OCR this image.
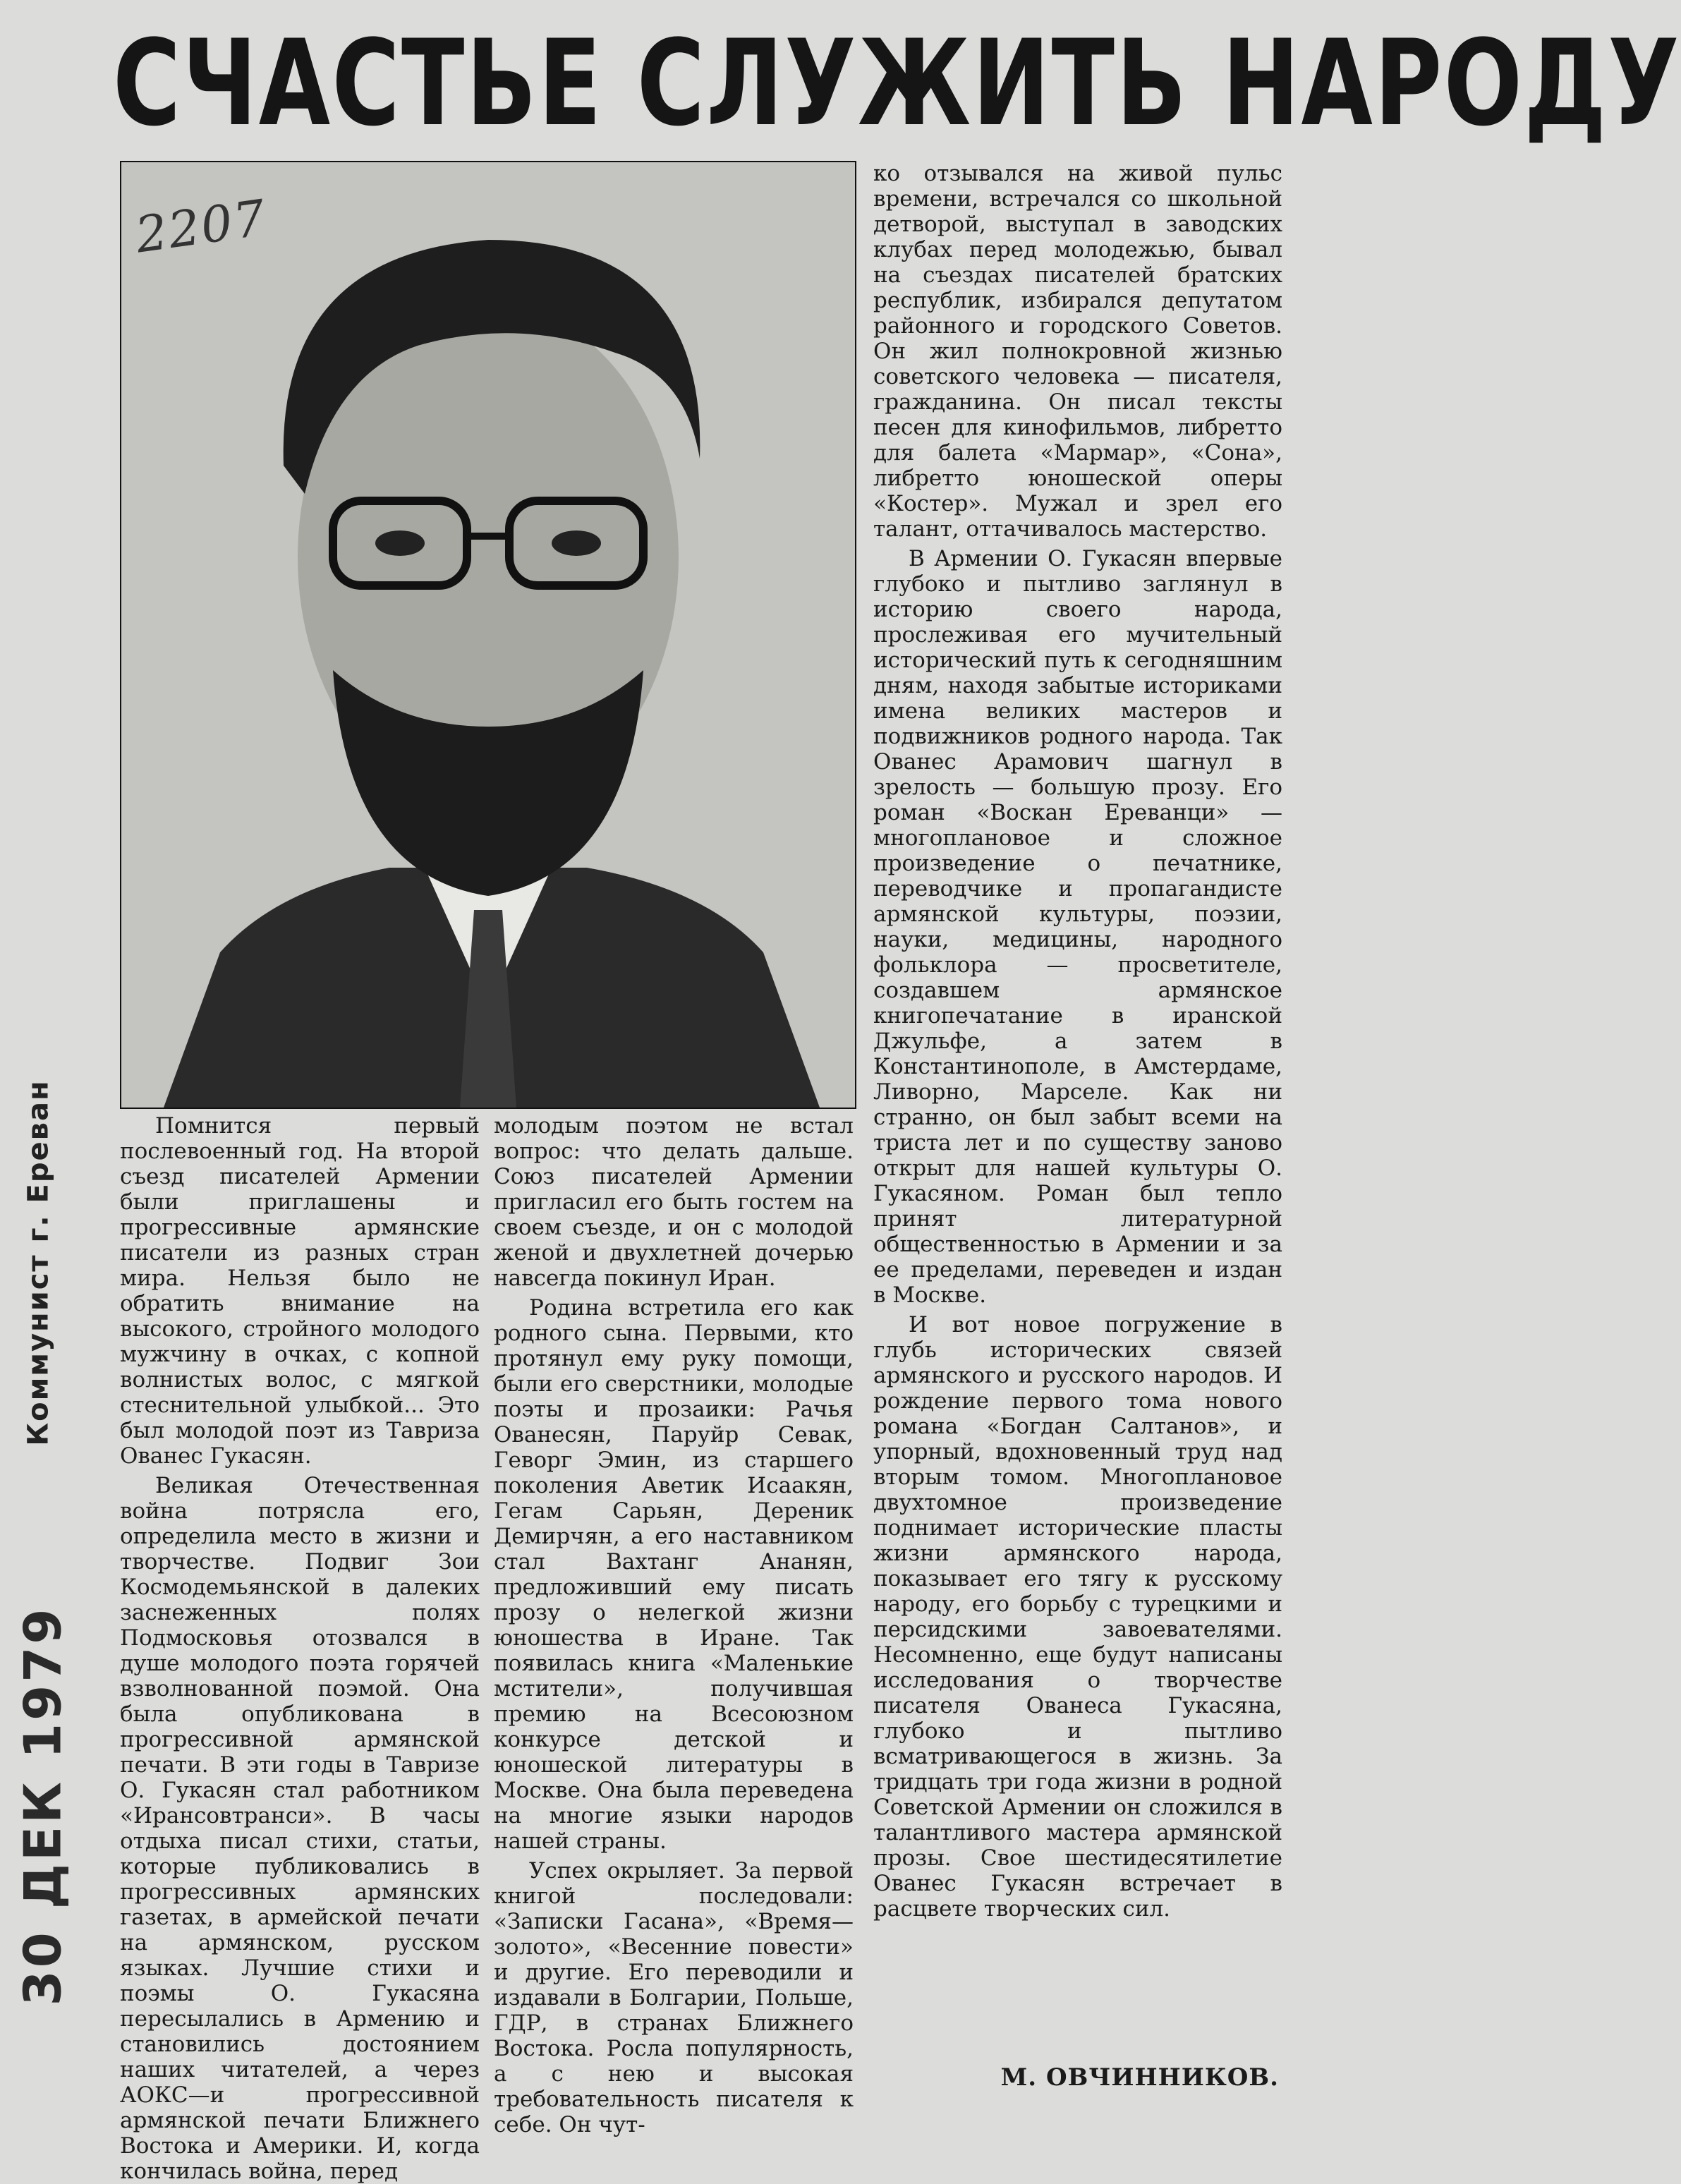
СЧАСТЬЕ СЛУЖИТЬ НАРОДУ
2207
Коммунист г. Ереван
30 ДЕК 1979

ко отзывался на живой пульс времени, встречался со школьной детворой, выступал в заводских клубах перед молодежью, бывал на съездах писателей братских республик, избирался депутатом районного и городского Советов. Он жил полнокровной жизнью советского человека — писателя, гражданина. Он писал тексты песен для кинофильмов, либретто для балета «Мармар», «Сона», либретто юношеской оперы «Костер». Мужал и зрел его талант, оттачивалось мастерство.

В Армении О. Гукасян впервые глубоко и пытливо заглянул в историю своего народа, прослеживая его мучительный исторический путь к сегодняшним дням, находя забытые историками имена великих мастеров и подвижников родного народа. Так Ованес Арамович шагнул в зрелость — большую прозу. Его роман «Воскан Ереванци» — многоплановое и сложное произведение о печатнике, переводчике и пропагандисте армянской культуры, поэзии, науки, медицины, народного фольклора — просветителе, создавшем армянское книгопечатание в иранской Джульфе, а затем в Константинополе, в Амстердаме, Ливорно, Марселе. Как ни странно, он был забыт всеми на триста лет и по существу заново открыт для нашей культуры О. Гукасяном. Роман был тепло принят литературной общественностью в Армении и за ее пределами, переведен и издан в Москве.

И вот новое погружение в глубь исторических связей армянского и русского народов. И рождение первого тома нового романа «Богдан Салтанов», и упорный, вдохновенный труд над вторым томом. Многоплановое двухтомное произведение поднимает исторические пласты жизни армянского народа, показывает его тягу к русскому народу, его борьбу с турецкими и персидскими завоевателями. Несомненно, еще будут написаны исследования о творчестве писателя Ованеса Гукасяна, глубоко и пытливо всматривающегося в жизнь. За тридцать три года жизни в родной Советской Армении он сложился в талантливого мастера армянской прозы. Свое шестидесятилетие Ованес Гукасян встречает в расцвете творческих сил.

Помнится первый послевоенный год. На второй съезд писателей Армении были приглашены и прогрессивные армянские писатели из разных стран мира. Нельзя было не обратить внимание на высокого, стройного молодого мужчину в очках, с копной волнистых волос, с мягкой стеснительной улыбкой... Это был молодой поэт из Тавриза Ованес Гукасян.

Великая Отечественная война потрясла его, определила место в жизни и творчестве. Подвиг Зои Космодемьянской в далеких заснеженных полях Подмосковья отозвался в душе молодого поэта горячей взволнованной поэмой. Она была опубликована в прогрессивной армянской печати. В эти годы в Тавризе О. Гукасян стал работником «Ирансовтранси». В часы отдыха писал стихи, статьи, которые публиковались в прогрессивных армянских газетах, в армейской печати на армянском, русском языках. Лучшие стихи и поэмы О. Гукасяна пересылались в Армению и становились достоянием наших читателей, а через АОКС—и прогрессивной армянской печати Ближнего Востока и Америки. И, когда кончилась война, перед

молодым поэтом не встал вопрос: что делать дальше. Союз писателей Армении пригласил его быть гостем на своем съезде, и он с молодой женой и двухлетней дочерью навсегда покинул Иран.

Родина встретила его как родного сына. Первыми, кто протянул ему руку помощи, были его сверстники, молодые поэты и прозаики: Рачья Ованесян, Паруйр Севак, Геворг Эмин, из старшего поколения Аветик Исаакян, Гегам Сарьян, Дереник Демирчян, а его наставником стал Вахтанг Ананян, предложивший ему писать прозу о нелегкой жизни юношества в Иране. Так появилась книга «Маленькие мстители», получившая премию на Всесоюзном конкурсе детской и юношеской литературы в Москве. Она была переведена на многие языки народов нашей страны.

Успех окрыляет. За первой книгой последовали: «Записки Гасана», «Время—золото», «Весенние повести» и другие. Его переводили и издавали в Болгарии, Польше, ГДР, в странах Ближнего Востока. Росла популярность, а с нею и высокая требовательность писателя к себе. Он чут-

М. ОВЧИННИКОВ.
